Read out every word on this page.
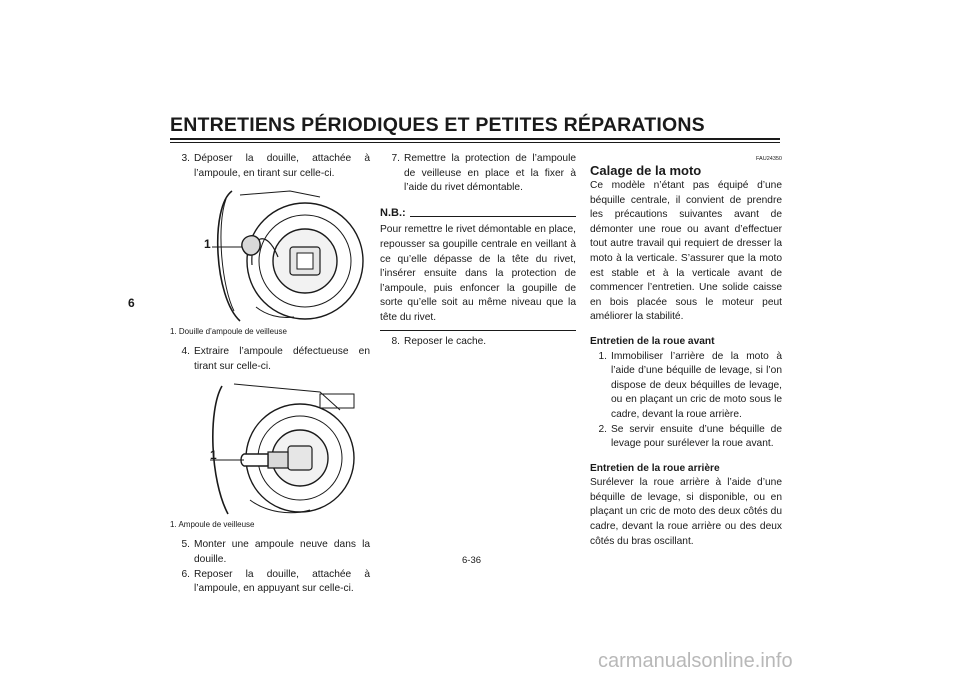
ENTRETIENS PÉRIODIQUES ET PETITES RÉPARATIONS
6
3. Déposer la douille, attachée à l’ampoule, en tirant sur celle-ci.
1
1. Douille d’ampoule de veilleuse
4. Extraire l’ampoule défectueuse en tirant sur celle-ci.
1
1. Ampoule de veilleuse
5. Monter une ampoule neuve dans la douille.
6. Reposer la douille, attachée à l’ampoule, en appuyant sur celle-ci.
7. Remettre la protection de l’ampoule de veilleuse en place et la fixer à l’aide du rivet démontable.
N.B.:
Pour remettre le rivet démontable en place, repousser sa goupille centrale en veillant à ce qu’elle dépasse de la tête du rivet, l’insérer ensuite dans la protection de l’ampoule, puis enfoncer la goupille de sorte qu’elle soit au même niveau que la tête du rivet.
8. Reposer le cache.
FAU24350
Calage de la moto
Ce modèle n’étant pas équipé d’une béquille centrale, il convient de prendre les précautions suivantes avant de démonter une roue ou avant d’effectuer tout autre travail qui requiert de dresser la moto à la verticale. S’assurer que la moto est stable et à la verticale avant de commencer l’entretien. Une solide caisse en bois placée sous le moteur peut améliorer la stabilité.
Entretien de la roue avant
1. Immobiliser l’arrière de la moto à l’aide d’une béquille de levage, si l’on dispose de deux béquilles de levage, ou en plaçant un cric de moto sous le cadre, devant la roue arrière.
2. Se servir ensuite d’une béquille de levage pour surélever la roue avant.
Entretien de la roue arrière
Surélever la roue arrière à l’aide d’une béquille de levage, si disponible, ou en plaçant un cric de moto des deux côtés du cadre, devant la roue arrière ou des deux côtés du bras oscillant.
6-36
carmanualsonline.info
